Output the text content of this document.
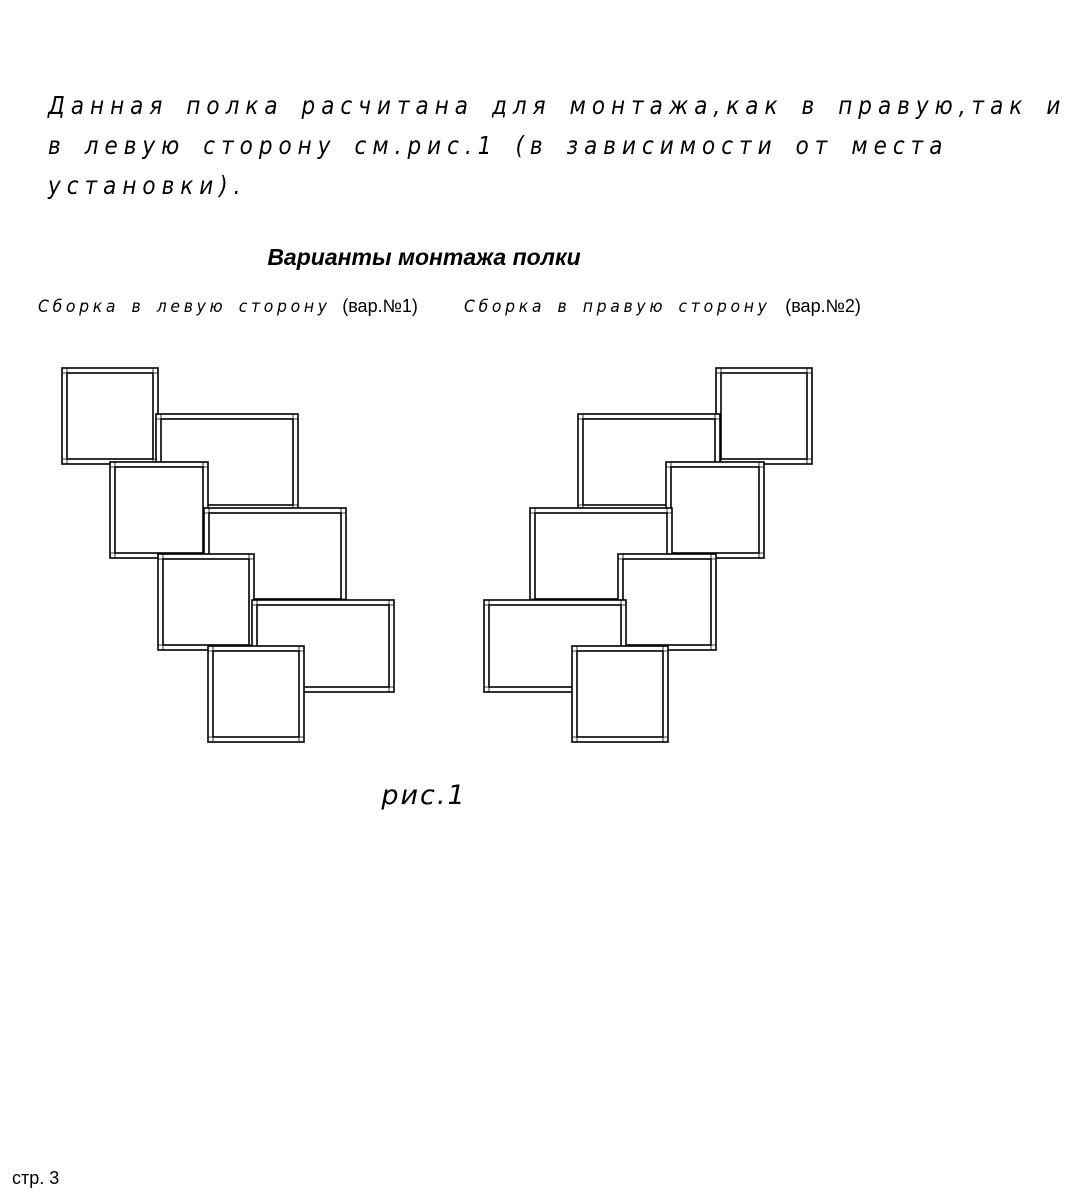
Данная полка расчитана для монтажа,как в правую,так и
в левую сторону см.рис.1 (в зависимости от места
установки).
Варианты монтажа полки
Сборка в левую сторону (вар.№1)	Сборка в правую сторону (вар.№2)
рис.1
стр. 3
